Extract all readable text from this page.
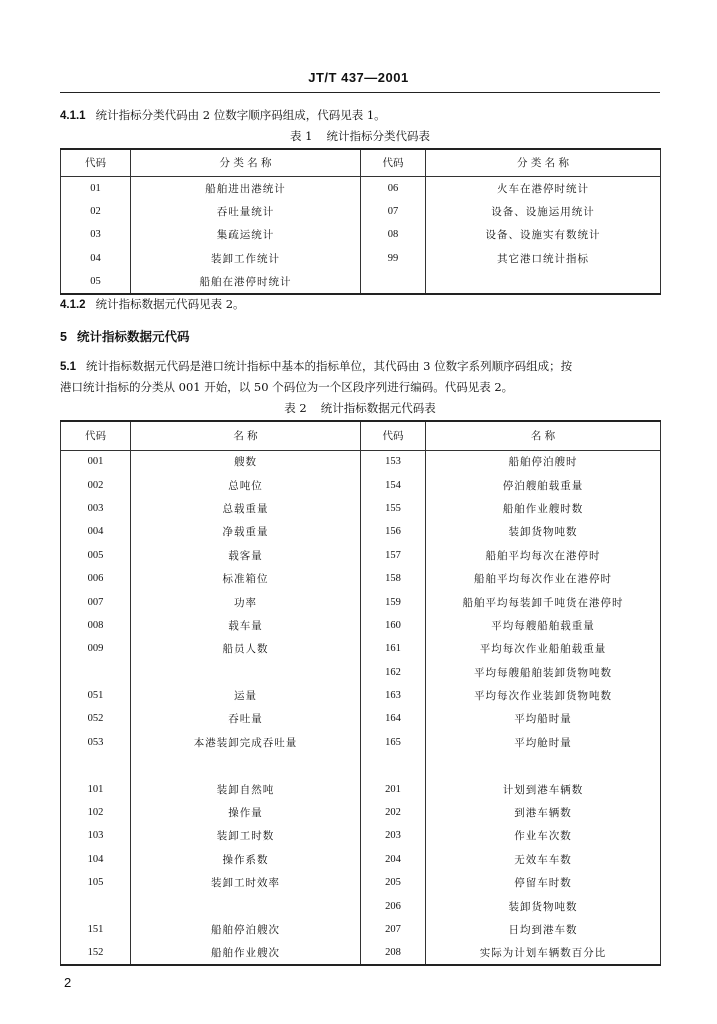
JT/T 437—2001
4.1.1 统计指标分类代码由 2 位数字顺序码组成，代码见表 1。
表 1 统计指标分类代码表
代码	分 类 名 称	代码	分 类 名 称
01	船舶进出港统计	06	火车在港停时统计
02	吞吐量统计	07	设备、设施运用统计
03	集疏运统计	08	设备、设施实有数统计
04	装卸工作统计	99	其它港口统计指标
05	船舶在港停时统计		
4.1.2 统计指标数据元代码见表 2。
5 统计指标数据元代码
5.1 统计指标数据元代码是港口统计指标中基本的指标单位，其代码由 3 位数字系列顺序码组成；按
港口统计指标的分类从 001 开始，以 50 个码位为一个区段序列进行编码。代码见表 2。
表 2 统计指标数据元代码表
代码	名 称	代码	名 称
001	艘数	153	船舶停泊艘时
002	总吨位	154	停泊艘舶载重量
003	总载重量	155	船舶作业艘时数
004	净载重量	156	装卸货物吨数
005	载客量	157	船舶平均每次在港停时
006	标准箱位	158	船舶平均每次作业在港停时
007	功率	159	船舶平均每装卸千吨货在港停时
008	载车量	160	平均每艘船舶载重量
009	船员人数	161	平均每次作业船舶载重量
		162	平均每艘船舶装卸货物吨数
051	运量	163	平均每次作业装卸货物吨数
052	吞吐量	164	平均船时量
053	本港装卸完成吞吐量	165	平均舱时量

101	装卸自然吨	201	计划到港车辆数
102	操作量	202	到港车辆数
103	装卸工时数	203	作业车次数
104	操作系数	204	无效车车数
105	装卸工时效率	205	停留车时数
		206	装卸货物吨数
151	船舶停泊艘次	207	日均到港车数
152	船舶作业艘次	208	实际为计划车辆数百分比
2
